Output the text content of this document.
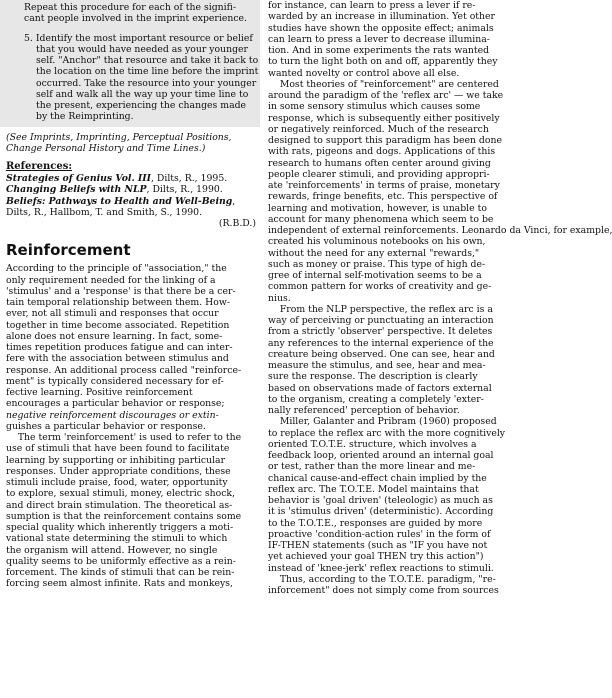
Repeat this procedure for each of the signifi-
cant people involved in the imprint experience.
5. Identify the most important resource or belief
that you would have needed as your younger
self. "Anchor" that resource and take it back to
the location on the time line before the imprint
occurred. Take the resource into your younger
self and walk all the way up your time line to
the present, experiencing the changes made
by the Reimprinting.
(See Imprints, Imprinting, Perceptual Positions,
Change Personal History and Time Lines.)
References:
Strategies of Genius Vol. III, Dilts, R., 1995.
Changing Beliefs with NLP, Dilts, R., 1990.
Beliefs: Pathways to Health and Well-Being,
Dilts, R., Hallbom, T. and Smith, S., 1990.
(R.B.D.)
Reinforcement
According to the principle of "association," the
only requirement needed for the linking of a
'stimulus' and a 'response' is that there be a cer-
tain temporal relationship between them. How-
ever, not all stimuli and responses that occur
together in time become associated. Repetition
alone does not ensure learning. In fact, some-
times repetition produces fatigue and can inter-
fere with the association between stimulus and
response. An additional process called "reinforce-
ment" is typically considered necessary for ef-
fective learning. Positive reinforcement
encourages a particular behavior or response;
negative reinforcement discourages or extin-
guishes a particular behavior or response.
The term 'reinforcement' is used to refer to the
use of stimuli that have been found to facilitate
learning by supporting or inhibiting particular
responses. Under appropriate conditions, these
stimuli include praise, food, water, opportunity
to explore, sexual stimuli, money, electric shock,
and direct brain stimulation. The theoretical as-
sumption is that the reinforcement contains some
special quality which inherently triggers a moti-
vational state determining the stimuli to which
the organism will attend. However, no single
quality seems to be uniformly effective as a rein-
forcement. The kinds of stimuli that can be rein-
forcing seem almost infinite. Rats and monkeys,
for instance, can learn to press a lever if re-
warded by an increase in illumination. Yet other
studies have shown the opposite effect; animals
can learn to press a lever to decrease illumina-
tion. And in some experiments the rats wanted
to turn the light both on and off, apparently they
wanted novelty or control above all else.
Most theories of "reinforcement" are centered
around the paradigm of the 'reflex arc' — we take
in some sensory stimulus which causes some
response, which is subsequently either positively
or negatively reinforced. Much of the research
designed to support this paradigm has been done
with rats, pigeons and dogs. Applications of this
research to humans often center around giving
people clearer stimuli, and providing appropri-
ate 'reinforcements' in terms of praise, monetary
rewards, fringe benefits, etc. This perspective of
learning and motivation, however, is unable to
account for many phenomena which seem to be
independent of external reinforcements. Leonardo da Vinci, for example,
created his voluminous notebooks on his own,
without the need for any external "rewards,"
such as money or praise. This type of high de-
gree of internal self-motivation seems to be a
common pattern for works of creativity and ge-
nius.
From the NLP perspective, the reflex arc is a
way of perceiving or punctuating an interaction
from a strictly 'observer' perspective. It deletes
any references to the internal experience of the
creature being observed. One can see, hear and
measure the stimulus, and see, hear and mea-
sure the response. The description is clearly
based on observations made of factors external
to the organism, creating a completely 'exter-
nally referenced' perception of behavior.
Miller, Galanter and Pribram (1960) proposed
to replace the reflex arc with the more cognitively
oriented T.O.T.E. structure, which involves a
feedback loop, oriented around an internal goal
or test, rather than the more linear and me-
chanical cause-and-effect chain implied by the
reflex arc. The T.O.T.E. Model maintains that
behavior is 'goal driven' (teleologic) as much as
it is 'stimulus driven' (deterministic). According
to the T.O.T.E., responses are guided by more
proactive 'condition-action rules' in the form of
IF-THEN statements (such as "IF you have not
yet achieved your goal THEN try this action")
instead of 'knee-jerk' reflex reactions to stimuli.
Thus, according to the T.O.T.E. paradigm, "re-
inforcement" does not simply come from sources
